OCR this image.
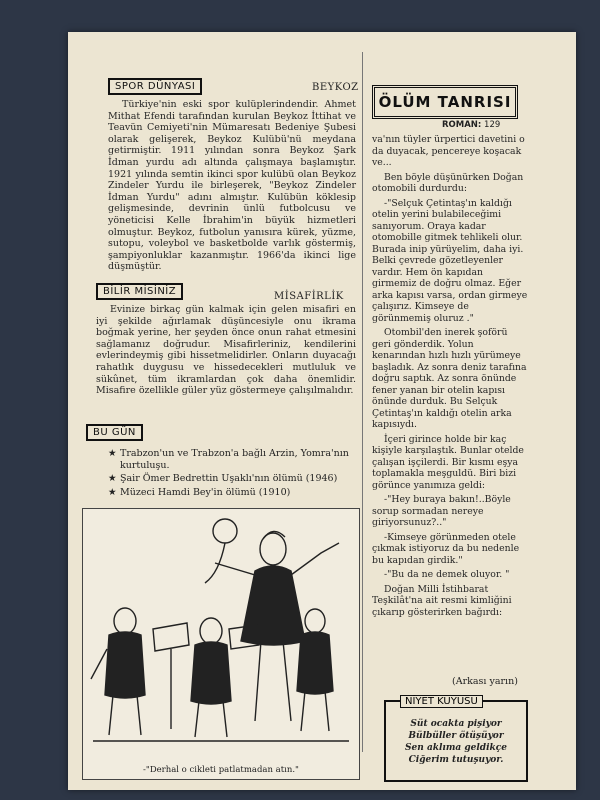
SPOR DÜNYASI	BEYKOZ

Türkiye'nin eski spor kulüplerindendir. Ahmet Mithat Efendi tarafından kurulan Beykoz İttihat ve Teavün Cemiyeti'nin Mümaresatı Bedeniye Şubesi olarak gelişerek, Beykoz Kulübü'nü meydana getirmiştir. 1911 yılından sonra Beykoz Şark İdman yurdu adı altında çalışmaya başlamıştır. 1921 yılında semtin ikinci spor kulübü olan Beykoz Zindeler Yurdu ile birleşerek, "Beykoz Zindeler İdman Yurdu" adını almıştır. Kulübün köklesip gelişmesinde, devrinin ünlü futbolcusu ve yöneticisi Kelle İbrahim'in büyük hizmetleri olmuştur. Beykoz, futbolun yanısıra kürek, yüzme, sutopu, voleybol ve basketbolde varlık göstermiş, şampiyonluklar kazanmıştır. 1966'da ikinci lige düşmüştür.

BİLİR MİSİNİZ	MİSAFİRLİK

Evinize birkaç gün kalmak için gelen misafiri en iyi şekilde ağırlamak düşüncesiyle onu ikrama boğmak yerine, her şeyden önce onun rahat etmesini sağlamanız doğrudur. Misafirleriniz, kendilerini evlerindeymiş gibi hissetmelidirler. Onların duyacağı rahatlık duygusu ve hissedecekleri mutluluk ve sükûnet, tüm ikramlardan çok daha önemlidir. Misafire özellikle güler yüz göstermeye çalışılmalıdır.

BU GÜN
★ Trabzon'un ve Trabzon'a bağlı Arzin, Yomra'nın kurtuluşu.
★ Şair Ömer Bedrettin Uşaklı'nın ölümü (1946)
★ Müzeci Hamdi Bey'in ölümü (1910)
-"Derhal o cikleti patlatmadan atın."
ÖLÜM TANRISI
ROMAN: 129

va'nın tüyler ürpertici davetini o da duyacak, pencereye koşacak ve...

Ben böyle düşünürken Doğan otomobili durdurdu:

-"Selçuk Çetintaş'ın kaldığı otelin yerini bulabileceğimi sanıyorum. Oraya kadar otomobille gitmek tehlikeli olur. Burada inip yürüyelim, daha iyi. Belki çevrede gözetleyenler vardır. Hem ön kapıdan girmemiz de doğru olmaz. Eğer arka kapısı varsa, ordan girmeye çalışırız. Kimseye de görünmemiş oluruz ."

Otombil'den inerek şoförü geri gönderdik. Yolun kenarından hızlı hızlı yürümeye başladık. Az sonra deniz tarafına doğru saptık. Az sonra önünde fener yanan bir otelin kapısı önünde durduk. Bu Selçuk Çetintaş'ın kaldığı otelin arka kapısıydı.

İçeri girince holde bir kaç kişiyle karşılaştık. Bunlar otelde çalışan işçilerdi. Bir kısmı eşya toplamakla meşguldü. Biri bizi görünce yanımıza geldi:

-"Hey buraya bakın!..Böyle sorup sormadan nereye giriyorsunuz?.."

-Kimseye görünmeden otele çıkmak istiyoruz da bu nedenle bu kapıdan girdik."

-"Bu da ne demek oluyor. "

Doğan Milli İstihbarat Teşkilât'na ait resmi kimliğini çıkarıp gösterirken bağırdı:

(Arkası yarın)
NİYET KUYUSU
Süt ocakta pişiyor
Bülbüller ötüşüyor
Sen aklıma geldikçe
Ciğerim tutuşuyor.
